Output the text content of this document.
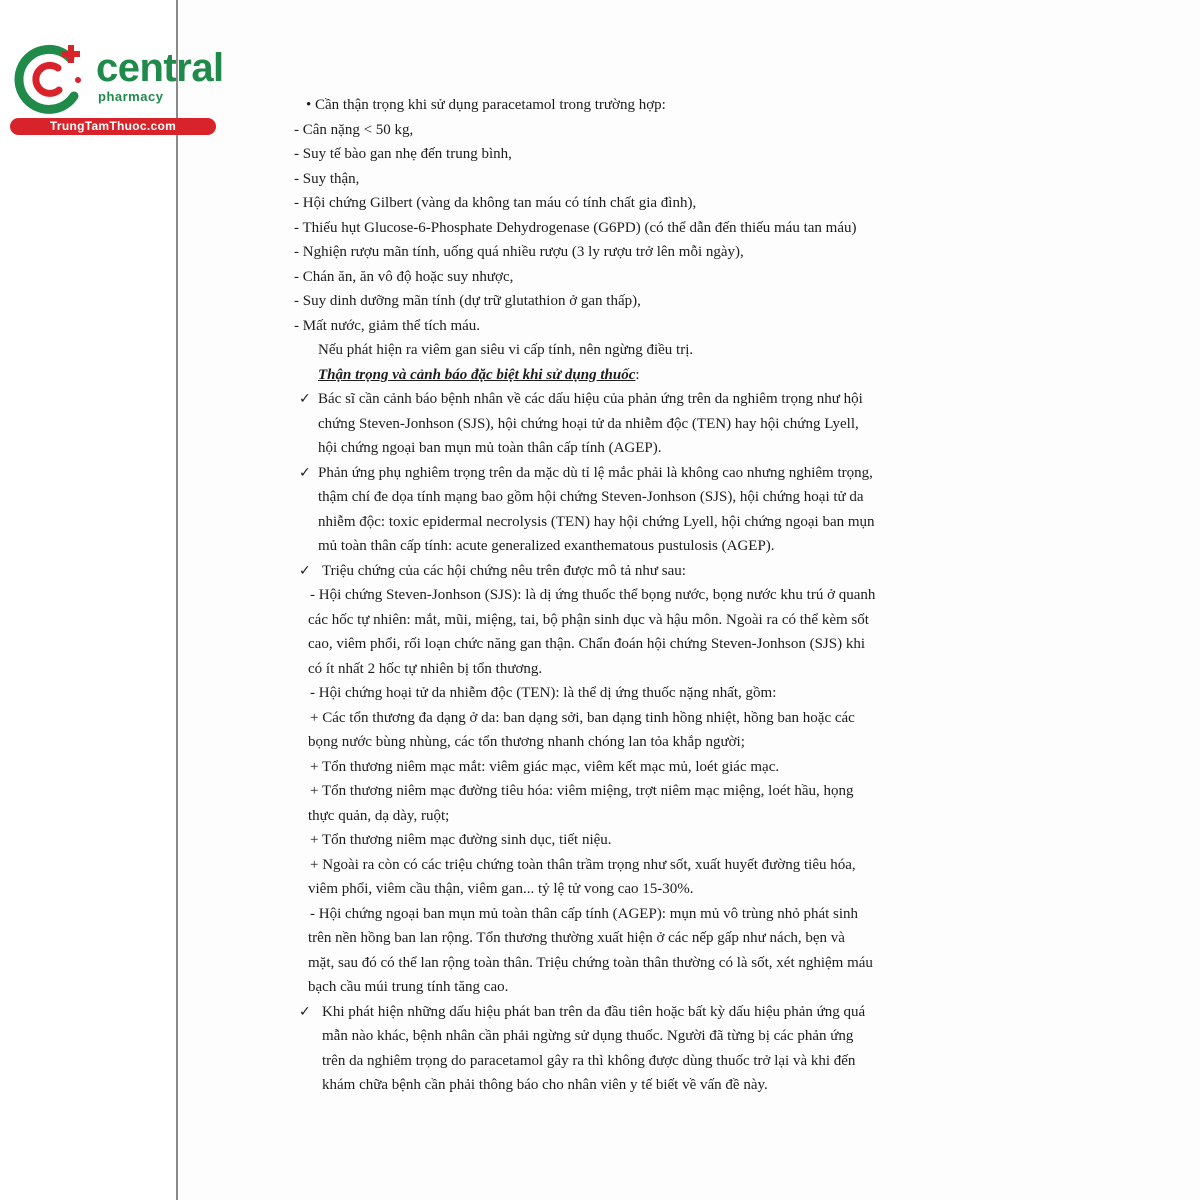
central
pharmacy
TrungTamThuoc.com
• Cần thận trọng khi sử dụng paracetamol trong trường hợp:
- Cân nặng < 50 kg,
- Suy tế bào gan nhẹ đến trung bình,
- Suy thận,
- Hội chứng Gilbert (vàng da không tan máu có tính chất gia đình),
- Thiếu hụt Glucose-6-Phosphate Dehydrogenase (G6PD) (có thể dẫn đến thiếu máu tan máu)
- Nghiện rượu mãn tính, uống quá nhiều rượu (3 ly rượu trở lên mỗi ngày),
- Chán ăn, ăn vô độ hoặc suy nhược,
- Suy dinh dưỡng mãn tính (dự trữ glutathion ở gan thấp),
- Mất nước, giảm thể tích máu.
Nếu phát hiện ra viêm gan siêu vi cấp tính, nên ngừng điều trị.
Thận trọng và cảnh báo đặc biệt khi sử dụng thuốc:
✓ Bác sĩ cần cảnh báo bệnh nhân về các dấu hiệu của phản ứng trên da nghiêm trọng như hội
chứng Steven-Jonhson (SJS), hội chứng hoại tử da nhiễm độc (TEN) hay hội chứng Lyell,
hội chứng ngoại ban mụn mủ toàn thân cấp tính (AGEP).
✓ Phản ứng phụ nghiêm trọng trên da mặc dù tỉ lệ mắc phải là không cao nhưng nghiêm trọng,
thậm chí đe dọa tính mạng bao gồm hội chứng Steven-Jonhson (SJS), hội chứng hoại tử da
nhiễm độc: toxic epidermal necrolysis (TEN) hay hội chứng Lyell, hội chứng ngoại ban mụn
mủ toàn thân cấp tính: acute generalized exanthematous pustulosis (AGEP).
✓ Triệu chứng của các hội chứng nêu trên được mô tả như sau:
- Hội chứng Steven-Jonhson (SJS): là dị ứng thuốc thể bọng nước, bọng nước khu trú ở quanh
các hốc tự nhiên: mắt, mũi, miệng, tai, bộ phận sinh dục và hậu môn. Ngoài ra có thể kèm sốt
cao, viêm phổi, rối loạn chức năng gan thận. Chẩn đoán hội chứng Steven-Jonhson (SJS) khi
có ít nhất 2 hốc tự nhiên bị tổn thương.
- Hội chứng hoại tử da nhiễm độc (TEN): là thể dị ứng thuốc nặng nhất, gồm:
+ Các tổn thương đa dạng ở da: ban dạng sởi, ban dạng tinh hồng nhiệt, hồng ban hoặc các
bọng nước bùng nhùng, các tổn thương nhanh chóng lan tỏa khắp người;
+ Tổn thương niêm mạc mắt: viêm giác mạc, viêm kết mạc mủ, loét giác mạc.
+ Tổn thương niêm mạc đường tiêu hóa: viêm miệng, trợt niêm mạc miệng, loét hầu, họng
thực quản, dạ dày, ruột;
+ Tổn thương niêm mạc đường sinh dục, tiết niệu.
+ Ngoài ra còn có các triệu chứng toàn thân trầm trọng như sốt, xuất huyết đường tiêu hóa,
viêm phổi, viêm cầu thận, viêm gan... tỷ lệ tử vong cao 15-30%.
- Hội chứng ngoại ban mụn mủ toàn thân cấp tính (AGEP): mụn mủ vô trùng nhỏ phát sinh
trên nền hồng ban lan rộng. Tổn thương thường xuất hiện ở các nếp gấp như nách, bẹn và
mặt, sau đó có thể lan rộng toàn thân. Triệu chứng toàn thân thường có là sốt, xét nghiệm máu
bạch cầu múi trung tính tăng cao.
✓ Khi phát hiện những dấu hiệu phát ban trên da đầu tiên hoặc bất kỳ dấu hiệu phản ứng quá
mẫn nào khác, bệnh nhân cần phải ngừng sử dụng thuốc. Người đã từng bị các phản ứng
trên da nghiêm trọng do paracetamol gây ra thì không được dùng thuốc trở lại và khi đến
khám chữa bệnh cần phải thông báo cho nhân viên y tế biết về vấn đề này.
